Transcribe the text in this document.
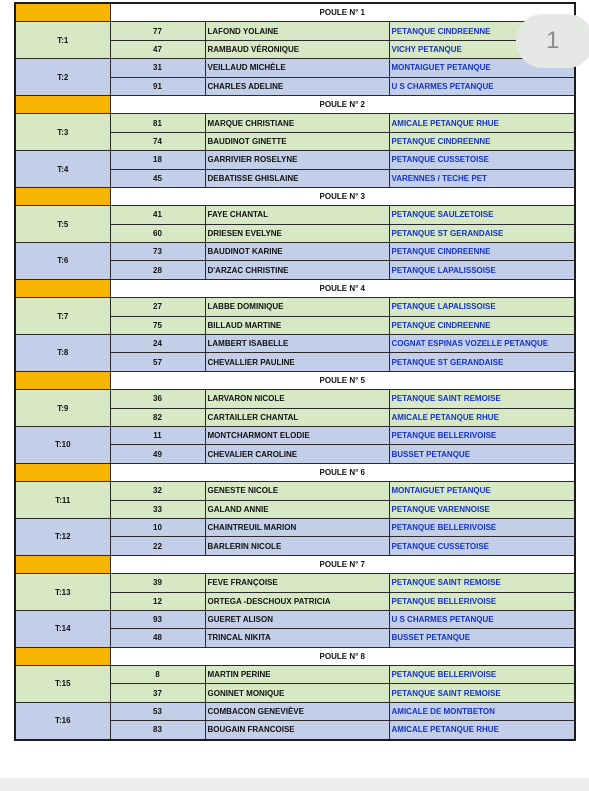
	POULE N° 1		
T:1	77	LAFOND YOLAINE	PETANQUE CINDREENNE
	47	RAMBAUD VÉRONIQUE	VICHY PETANQUE
T:2	31	VEILLAUD MICHÈLE	MONTAIGUET PETANQUE
	91	CHARLES ADELINE	U S CHARMES PETANQUE
	POULE N° 2		
T:3	81	MARQUE CHRISTIANE	AMICALE PETANQUE RHUE
	74	BAUDINOT GINETTE	PETANQUE CINDREENNE
T:4	18	GARRIVIER ROSELYNE	PETANQUE CUSSETOISE
	45	DEBATISSE GHISLAINE	VARENNES / TECHE PET
	POULE N° 3		
T:5	41	FAYE CHANTAL	PETANQUE SAULZETOISE
	60	DRIESEN EVELYNE	PETANQUE ST GERANDAISE
T:6	73	BAUDINOT KARINE	PETANQUE CINDREENNE
	28	D'ARZAC CHRISTINE	PETANQUE LAPALISSOISE
	POULE N° 4		
T:7	27	LABBE DOMINIQUE	PETANQUE LAPALISSOISE
	75	BILLAUD MARTINE	PETANQUE CINDREENNE
T:8	24	LAMBERT ISABELLE	COGNAT ESPINAS VOZELLE PETANQUE
	57	CHEVALLIER PAULINE	PETANQUE ST GERANDAISE
	POULE N° 5		
T:9	36	LARVARON NICOLE	PETANQUE SAINT REMOISE
	82	CARTAILLER CHANTAL	AMICALE PETANQUE RHUE
T:10	11	MONTCHARMONT ELODIE	PETANQUE BELLERIVOISE
	49	CHEVALIER CAROLINE	BUSSET PETANQUE
	POULE N° 6		
T:11	32	GENESTE NICOLE	MONTAIGUET PETANQUE
	33	GALAND ANNIE	PETANQUE VARENNOISE
T:12	10	CHAINTREUIL MARION	PETANQUE BELLERIVOISE
	22	BARLERIN NICOLE	PETANQUE CUSSETOISE
	POULE N° 7		
T:13	39	FEVE FRANÇOISE	PETANQUE SAINT REMOISE
	12	ORTEGA -DESCHOUX PATRICIA	PETANQUE BELLERIVOISE
T:14	93	GUERET ALISON	U S CHARMES PETANQUE
	48	TRINCAL NIKITA	BUSSET PETANQUE
	POULE N° 8		
T:15	8	MARTIN PERINE	PETANQUE BELLERIVOISE
	37	GONINET MONIQUE	PETANQUE SAINT REMOISE
T:16	53	COMBACON GENEVIÈVE	AMICALE DE MONTBETON
	83	BOUGAIN FRANCOISE	AMICALE PETANQUE RHUE
1
